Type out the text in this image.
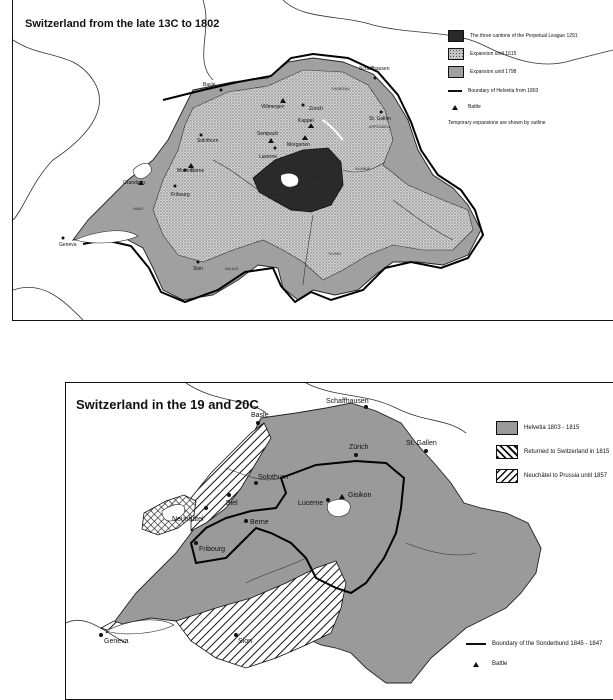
Schaffhausen
Basle
THURGAU
St. Gallen
APPENZELL
Villmergen	Zürich
Kappel
Morgarten
Sempach
Solothurn
Lucerne
Murten
Berne
Fribourg
Grandson
Geneva
Sion	VALAIS
GLARUS
TICINO
VAUD
URI
ZUG
Switzerland from the late 13C to 1802
The three cantons of the Perpetual League 1291
Expansion until 1515
Expansion until 1798
Boundary of Helvetia from 1803
Battle
Temporary expansions are shown by outline
Basle
Schaffhausen
Zürich
St. Gallen
Solothurn
Biel
Neuchâtel	Berne
Lucerne
Gisikon
Fribourg
Geneva	Sion
Switzerland in the 19 and 20C
Helvetia 1803 - 1815
Returned to Switzerland in 1815
Neuchâtel to Prussia until 1857
Boundary of the Sonderbund 1845 - 1847
Battle
